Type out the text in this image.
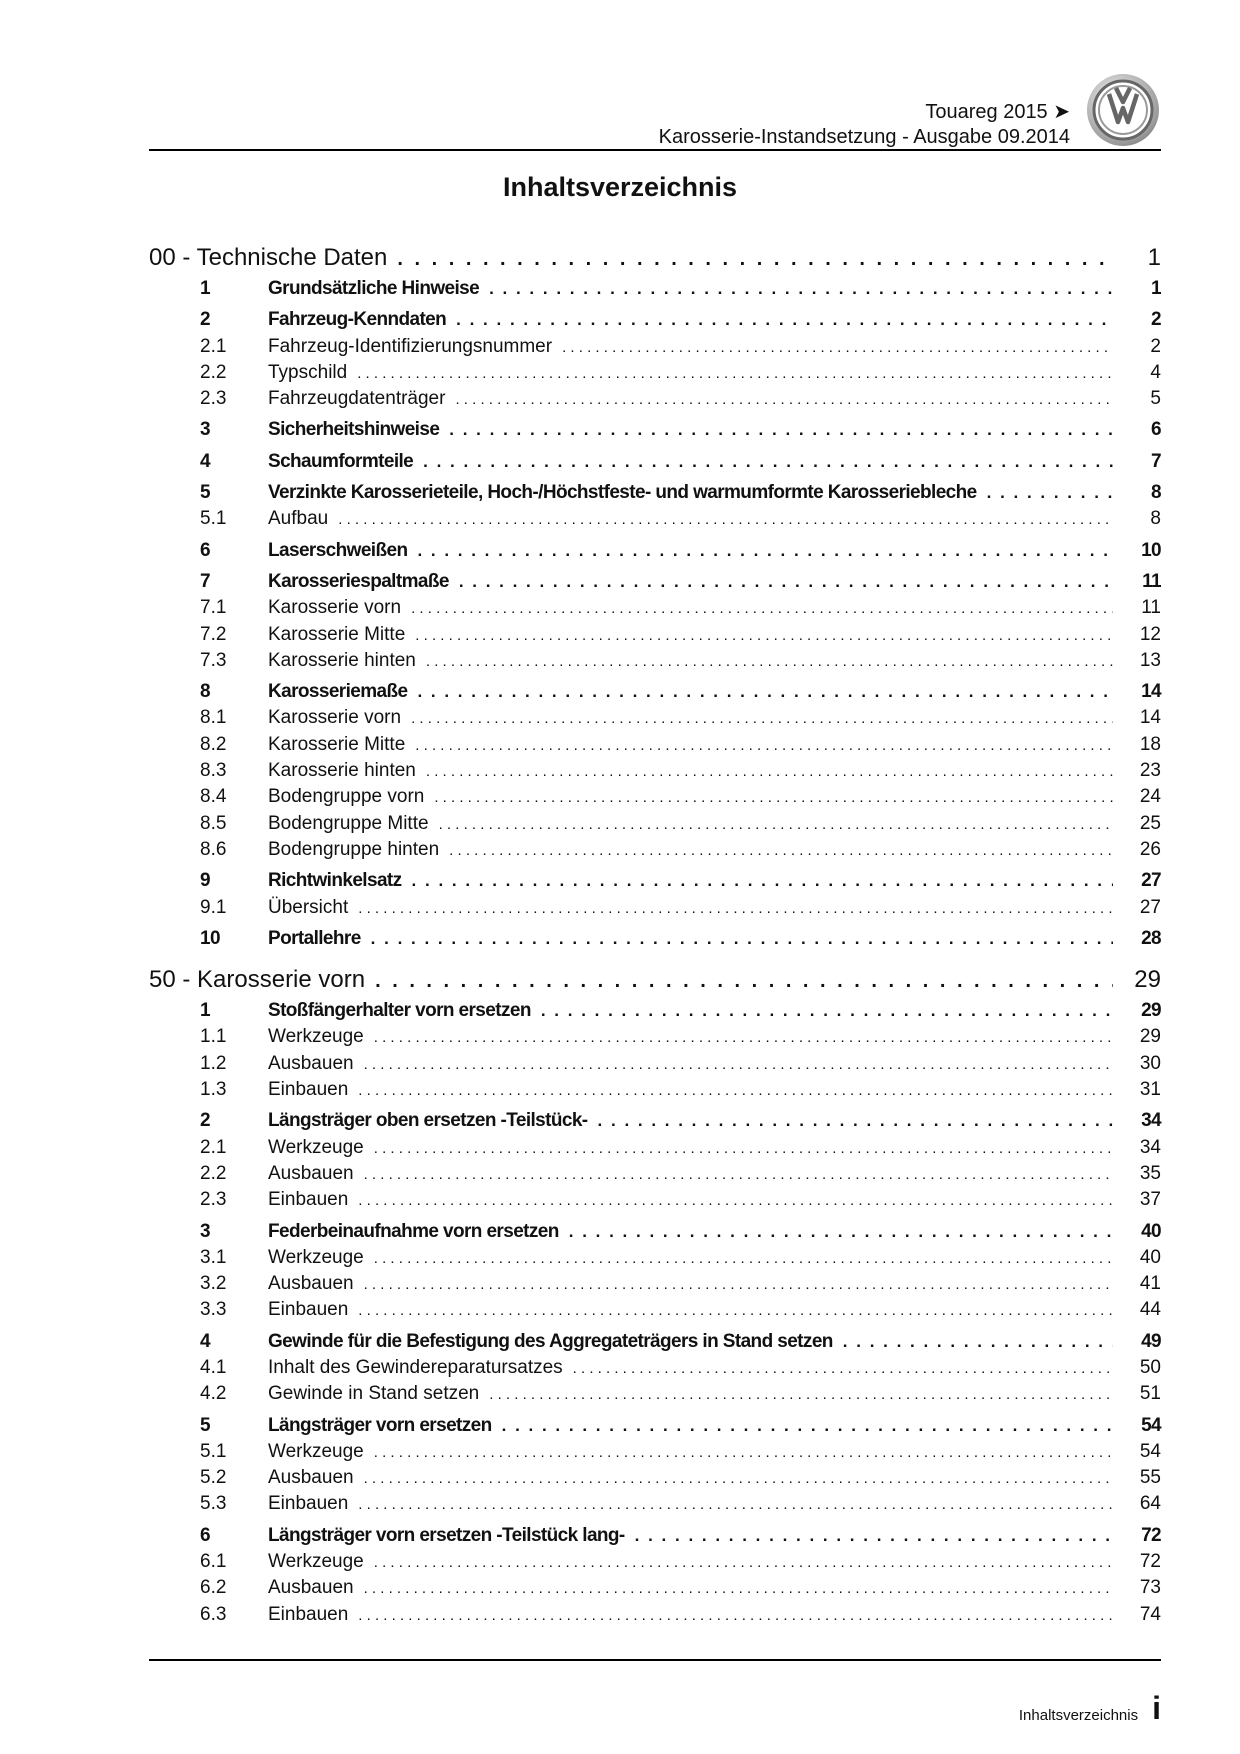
Touareg 2015 ➤
Karosserie-Instandsetzung - Ausgabe 09.2014
Inhaltsverzeichnis
00 - Technische Daten . . .	1
1	Grundsätzliche Hinweise . . .	1
2	Fahrzeug-Kenndaten . . .	2
2.1	Fahrzeug-Identifizierungsnummer . . .	2
2.2	Typschild . . .	4
2.3	Fahrzeugdatenträger . . .	5
3	Sicherheitshinweise . . .	6
4	Schaumformteile . . .	7
5	Verzinkte Karosserieteile, Hoch-/Höchstfeste- und warmumformte Karosseriebleche . . .	8
5.1	Aufbau . . .	8
6	Laserschweißen . . .	10
7	Karosseriespaltmaße . . .	11
7.1	Karosserie vorn . . .	11
7.2	Karosserie Mitte . . .	12
7.3	Karosserie hinten . . .	13
8	Karosseriemaße . . .	14
8.1	Karosserie vorn . . .	14
8.2	Karosserie Mitte . . .	18
8.3	Karosserie hinten . . .	23
8.4	Bodengruppe vorn . . .	24
8.5	Bodengruppe Mitte . . .	25
8.6	Bodengruppe hinten . . .	26
9	Richtwinkelsatz . . .	27
9.1	Übersicht . . .	27
10	Portallehre . . .	28
50 - Karosserie vorn . . .	29
1	Stoßfängerhalter vorn ersetzen . . .	29
1.1	Werkzeuge . . .	29
1.2	Ausbauen . . .	30
1.3	Einbauen . . .	31
2	Längsträger oben ersetzen -Teilstück- . . .	34
2.1	Werkzeuge . . .	34
2.2	Ausbauen . . .	35
2.3	Einbauen . . .	37
3	Federbeinaufnahme vorn ersetzen . . .	40
3.1	Werkzeuge . . .	40
3.2	Ausbauen . . .	41
3.3	Einbauen . . .	44
4	Gewinde für die Befestigung des Aggregateträgers in Stand setzen . . .	49
4.1	Inhalt des Gewindereparatursatzes . . .	50
4.2	Gewinde in Stand setzen . . .	51
5	Längsträger vorn ersetzen . . .	54
5.1	Werkzeuge . . .	54
5.2	Ausbauen . . .	55
5.3	Einbauen . . .	64
6	Längsträger vorn ersetzen -Teilstück lang- . . .	72
6.1	Werkzeuge . . .	72
6.2	Ausbauen . . .	73
6.3	Einbauen . . .	74
Inhaltsverzeichnis i
